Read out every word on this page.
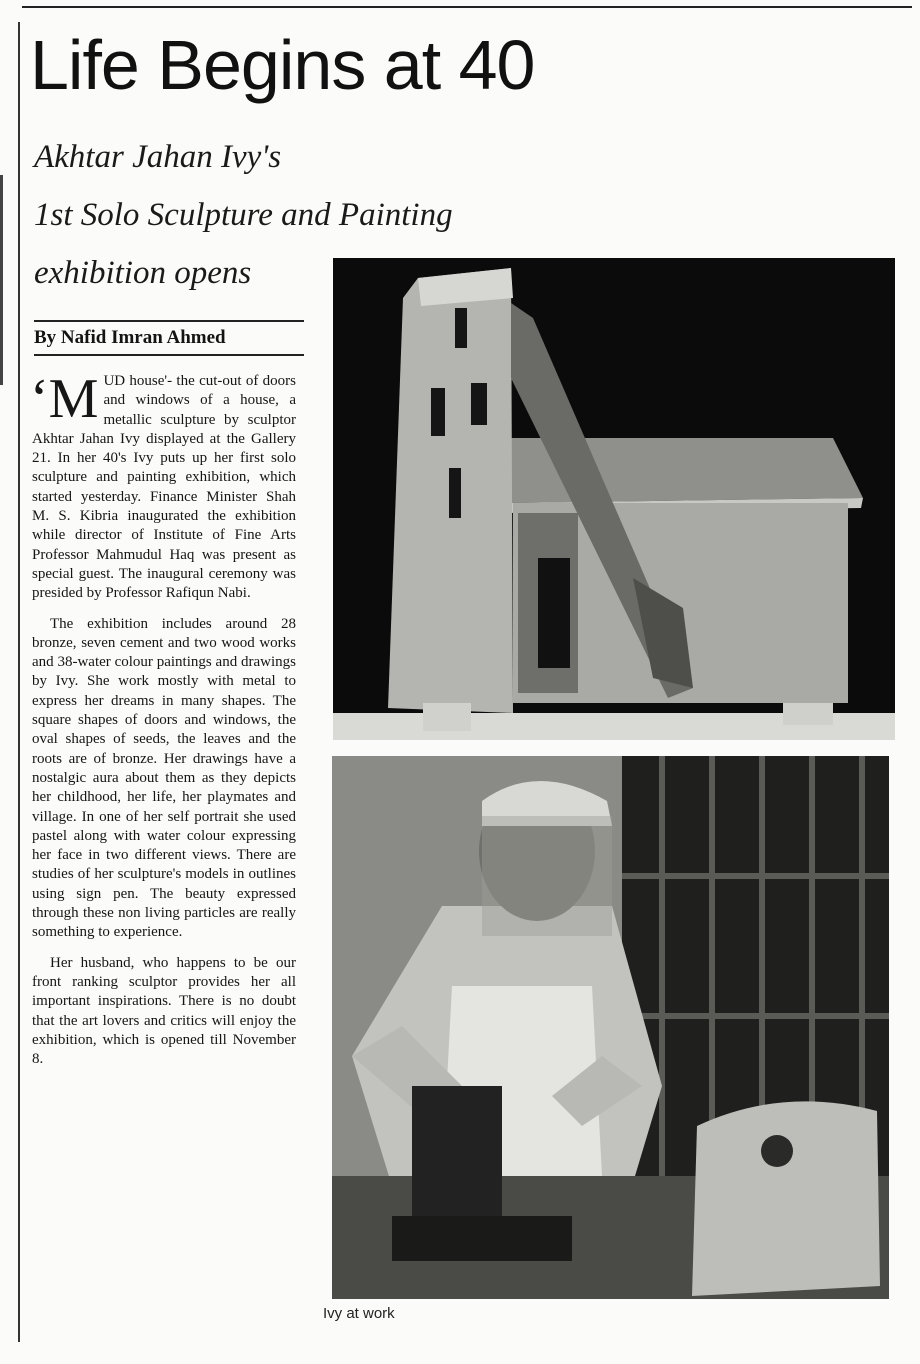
Life Begins at 40
Akhtar Jahan Ivy's
1st Solo Sculpture and Painting
exhibition opens

By Nafid Imran Ahmed

‘MUD house'- the cut-out of doors and windows of a house, a metallic sculpture by sculptor Akhtar Jahan Ivy displayed at the Gallery 21. In her 40's Ivy puts up her first solo sculpture and painting exhibition, which started yesterday. Finance Minister Shah M. S. Kibria inaugurated the exhibition while director of Institute of Fine Arts Professor Mahmudul Haq was present as special guest. The inaugural ceremony was presided by Professor Rafiqun Nabi.

The exhibition includes around 28 bronze, seven cement and two wood works and 38-water colour paintings and drawings by Ivy. She work mostly with metal to express her dreams in many shapes. The square shapes of doors and windows, the oval shapes of seeds, the leaves and the roots are of bronze. Her drawings have a nostalgic aura about them as they depicts her childhood, her life, her playmates and village. In one of her self portrait she used pastel along with water colour expressing her face in two different views. There are studies of her sculpture's models in outlines using sign pen. The beauty expressed through these non living particles are really something to experience.

Her husband, who happens to be our front ranking sculptor provides her all important inspirations. There is no doubt that the art lovers and critics will enjoy the exhibition, which is opened till November 8.

Ivy at work
